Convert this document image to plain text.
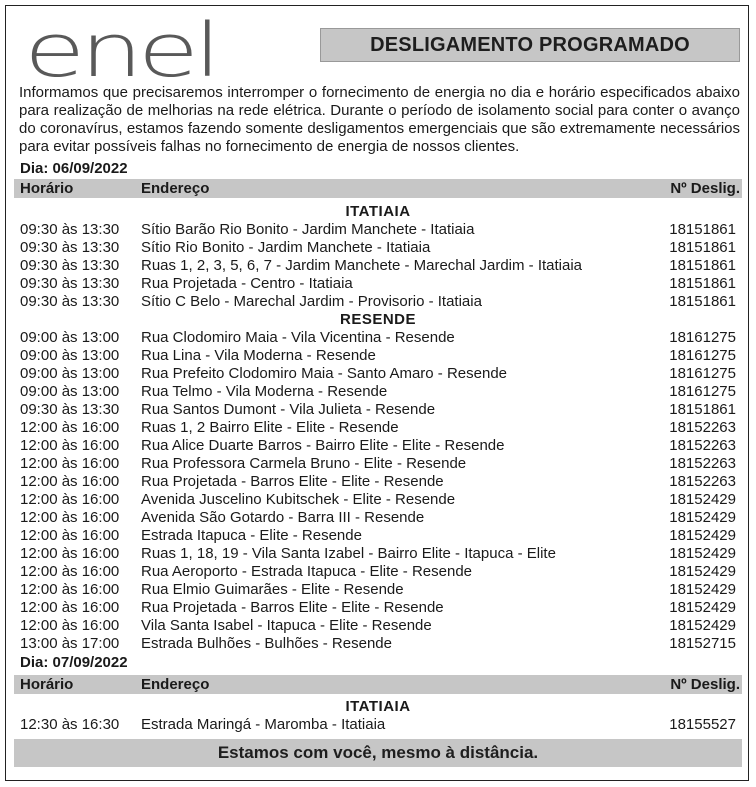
enel	DESLIGAMENTO PROGRAMADO
Informamos que precisaremos interromper o fornecimento de energia no dia e horário especificados abaixo para realização de melhorias na rede elétrica. Durante o período de isolamento social para conter o avanço do coronavírus, estamos fazendo somente desligamentos emergenciais que são extremamente necessários para evitar possíveis falhas no fornecimento de energia de nossos clientes.
Dia: 06/09/2022
Horário	Endereço	Nº Deslig.
ITATIAIA
09:30 às 13:30 Sítio Barão Rio Bonito - Jardim Manchete - Itatiaia	18151861
09:30 às 13:30 Sítio Rio Bonito - Jardim Manchete - Itatiaia	18151861
09:30 às 13:30 Ruas 1, 2, 3, 5, 6, 7 - Jardim Manchete - Marechal Jardim - Itatiaia	18151861
09:30 às 13:30 Rua Projetada - Centro - Itatiaia	18151861
09:30 às 13:30 Sítio C Belo - Marechal Jardim - Provisorio - Itatiaia	18151861
RESENDE
09:00 às 13:00 Rua Clodomiro Maia - Vila Vicentina - Resende	18161275
09:00 às 13:00 Rua Lina - Vila Moderna - Resende	18161275
09:00 às 13:00 Rua Prefeito Clodomiro Maia - Santo Amaro - Resende	18161275
09:00 às 13:00 Rua Telmo - Vila Moderna - Resende	18161275
09:30 às 13:30 Rua Santos Dumont - Vila Julieta - Resende	18151861
12:00 às 16:00 Ruas 1, 2 Bairro Elite - Elite - Resende	18152263
12:00 às 16:00 Rua Alice Duarte Barros - Bairro Elite - Elite - Resende	18152263
12:00 às 16:00 Rua Professora Carmela Bruno - Elite - Resende	18152263
12:00 às 16:00 Rua Projetada - Barros Elite - Elite - Resende	18152263
12:00 às 16:00 Avenida Juscelino Kubitschek - Elite - Resende	18152429
12:00 às 16:00 Avenida São Gotardo - Barra III - Resende	18152429
12:00 às 16:00 Estrada Itapuca - Elite - Resende	18152429
12:00 às 16:00 Ruas 1, 18, 19 - Vila Santa Izabel - Bairro Elite - Itapuca - Elite	18152429
12:00 às 16:00 Rua Aeroporto - Estrada Itapuca - Elite - Resende	18152429
12:00 às 16:00 Rua Elmio Guimarães - Elite - Resende	18152429
12:00 às 16:00 Rua Projetada - Barros Elite - Elite - Resende	18152429
12:00 às 16:00 Vila Santa Isabel - Itapuca - Elite - Resende	18152429
13:00 às 17:00 Estrada Bulhões - Bulhões - Resende	18152715
Dia: 07/09/2022
Horário	Endereço	Nº Deslig.
ITATIAIA
12:30 às 16:30 Estrada Maringá - Maromba - Itatiaia	18155527
Estamos com você, mesmo à distância.
